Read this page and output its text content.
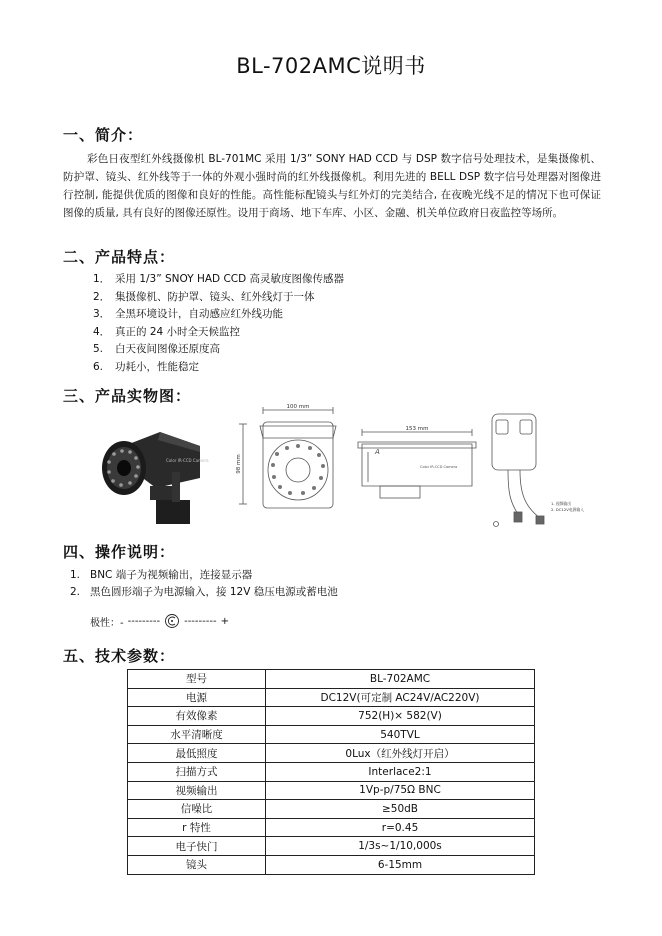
BL-702AMC说明书
一、简介：
彩色日夜型红外线摄像机 BL-701MC 采用 1/3” SONY HAD CCD 与 DSP 数字信号处理技术，是集摄像机、防护罩、镜头、红外线等于一体的外观小强时尚的红外线摄像机。利用先进的 BELL DSP 数字信号处理器对图像进行控制, 能提供优质的图像和良好的性能。高性能标配镜头与红外灯的完美结合, 在夜晚光线不足的情况下也可保证图像的质量, 具有良好的图像还原性。设用于商场、地下车库、小区、金融、机关单位政府日夜监控等场所。
二、产品特点：
1． 采用 1/3” SNOY HAD CCD 高灵敏度图像传感器
2． 集摄像机、防护罩、镜头、红外线灯于一体
3． 全黑环境设计，自动感应红外线功能
4． 真正的 24 小时全天候监控
5. 白天夜间图像还原度高
6. 功耗小，性能稳定
三、产品实物图：
Color IR-CCD Camera
100 mm
98 mm
153 mm
A
Color IR-CCD Camera
1. 视频输出
2. DC12V电源输入
四、操作说明：
1. BNC 端子为视频输出，连接显示器
2. 黑色圆形端子为电源输入，接 12V 稳压电源或蓄电池
极性：- --------- --------- +
五、技术参数：
型号	BL-702AMC
电源	DC12V(可定制 AC24V/AC220V)
有效像素	752(H)× 582(V)
水平清晰度	540TVL
最低照度	0Lux（红外线灯开启）
扫描方式	Interlace2:1
视频输出	1Vp-p/75Ω BNC
信噪比	≥50dB
r 特性	r=0.45
电子快门	1/3s~1/10,000s
镜头	6-15mm
